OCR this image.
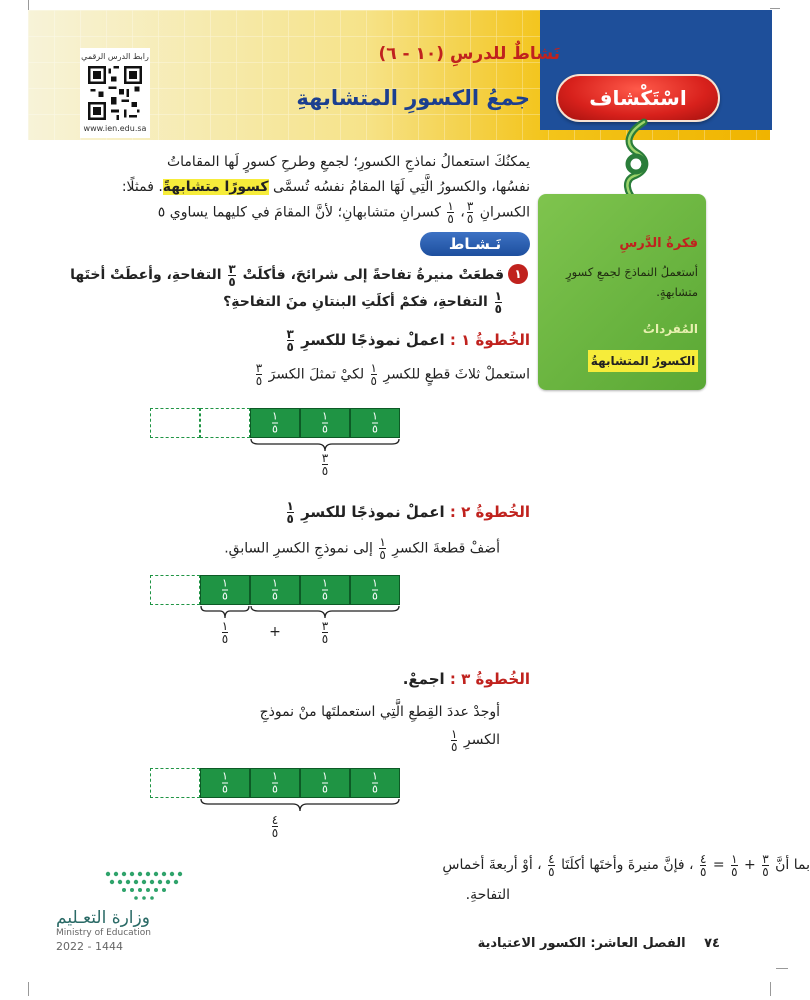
رابط الدرس الرقمي
www.ien.edu.sa
نَشاطٌ للدرسِ (١٠ - ٦)
جمعُ الكسورِ المتشابهةِ	اسْتَكْشاف
فكرةُ الدَّرسِ
أستعملُ النماذجَ لجمعِ كسورٍ متشابهةٍ.
المُفرداتُ
الكسورُ المتشابهةُ
يمكنُكَ استعمالُ نماذجِ الكسورِ؛ لجمعِ وطرحِ كسورٍ لَها المقاماتُ
نفسُها، والكسورُ الَّتِي لَهَا المقامُ نفسُه تُسمَّى كسورًا متشابهةً. فمثلًا:
الكسرانِ
$\frac{٣}{٥}$
،
$\frac{١}{٥}$
كسرانِ متشابهانِ؛ لأنَّ المقامَ في كليهما يساوي ٥
نَـشـاط
١
قطعَتْ منيرةُ تفاحةً إلى شرائحَ، فأكلَتْ
$\frac{٣}{٥}$
التفاحةِ، وأعطَتْ أختَها
$\frac{١}{٥}$
التفاحةِ، فكمْ أكلَتِ البنتانِ منَ التفاحةِ؟
الخُطوةُ ١ : اعملْ نموذجًا للكسرِ
$\frac{٣}{٥}$
استعملْ ثلاثَ قطعٍ للكسرِ
$\frac{١}{٥}$
لكيْ تمثلَ الكسرَ
$\frac{٣}{٥}$
١
٥
١
٥
١
٥
$\frac{٣}{٥}$
الخُطوةُ ٢ : اعملْ نموذجًا للكسرِ
$\frac{١}{٥}$
أضفْ قطعةَ الكسرِ
$\frac{١}{٥}$
إلى نموذجِ الكسرِ السابقِ.
١
٥
١
٥
١
٥
١
٥
$\frac{١}{٥}$	+	$\frac{٣}{٥}$
الخُطوةُ ٣ : اجمعْ.
أوجدْ عددَ القِطعِ الَّتِي استعملتَها منْ نموذجِ
الكسرِ
$\frac{١}{٥}$
١
٥
١
٥
١
٥
١
٥
$\frac{٤}{٥}$
بما أنَّ
$\frac{٣}{٥}$
+
$\frac{١}{٥}$
=
$\frac{٤}{٥}$
، فإنَّ منيرةَ وأختَها أكلَتَا
$\frac{٤}{٥}$
، أوْ أربعةَ أخماسِ
التفاحةِ.
وزارة التعـليم
Ministry of Education
2022 - 1444	٧٤ الفصل العاشر: الكسور الاعتيادية
